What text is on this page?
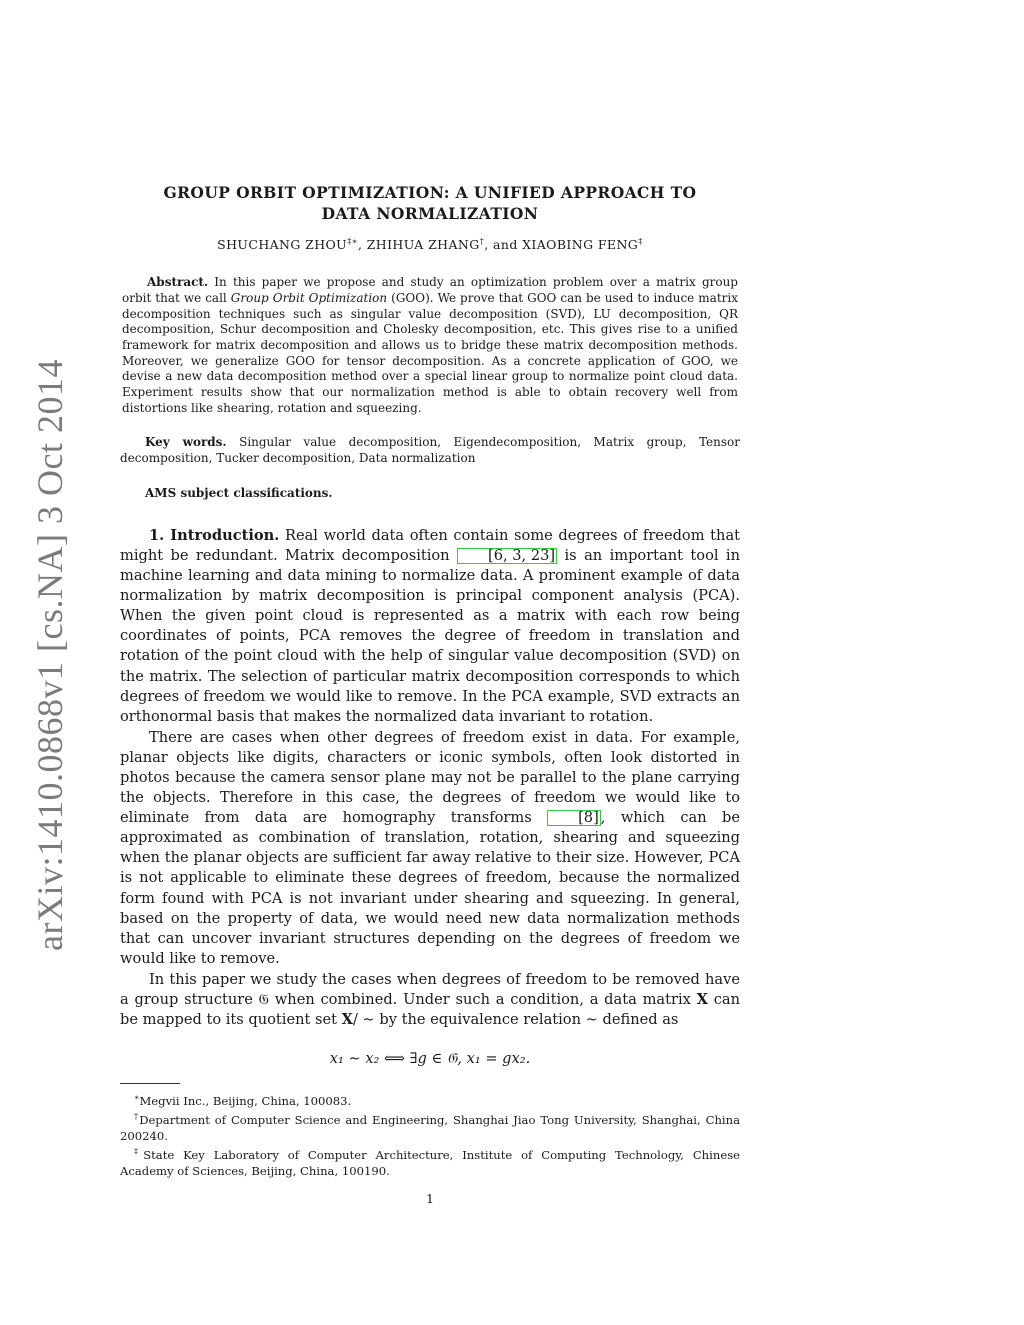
arXiv:1410.0868v1 [cs.NA] 3 Oct 2014
GROUP ORBIT OPTIMIZATION: A UNIFIED APPROACH TO
DATA NORMALIZATION
SHUCHANG ZHOU‡∗, ZHIHUA ZHANG†, and XIAOBING FENG‡
Abstract. In this paper we propose and study an optimization problem over a matrix group orbit that we call Group Orbit Optimization (GOO). We prove that GOO can be used to induce matrix decomposition techniques such as singular value decomposition (SVD), LU decomposition, QR decomposition, Schur decomposition and Cholesky decomposition, etc. This gives rise to a unified framework for matrix decomposition and allows us to bridge these matrix decomposition methods. Moreover, we generalize GOO for tensor decomposition. As a concrete application of GOO, we devise a new data decomposition method over a special linear group to normalize point cloud data. Experiment results show that our normalization method is able to obtain recovery well from distortions like shearing, rotation and squeezing.
Key words. Singular value decomposition, Eigendecomposition, Matrix group, Tensor decomposition, Tucker decomposition, Data normalization
AMS subject classifications.

1. Introduction. Real world data often contain some degrees of freedom that might be redundant. Matrix decomposition [6, 3, 23] is an important tool in machine learning and data mining to normalize data. A prominent example of data normalization by matrix decomposition is principal component analysis (PCA). When the given point cloud is represented as a matrix with each row being coordinates of points, PCA removes the degree of freedom in translation and rotation of the point cloud with the help of singular value decomposition (SVD) on the matrix. The selection of particular matrix decomposition corresponds to which degrees of freedom we would like to remove. In the PCA example, SVD extracts an orthonormal basis that makes the normalized data invariant to rotation.

There are cases when other degrees of freedom exist in data. For example, planar objects like digits, characters or iconic symbols, often look distorted in photos because the camera sensor plane may not be parallel to the plane carrying the objects. Therefore in this case, the degrees of freedom we would like to eliminate from data are homography transforms [8] , which can be approximated as combination of translation, rotation, shearing and squeezing when the planar objects are sufficient far away relative to their size. However, PCA is not applicable to eliminate these degrees of freedom, because the normalized form found with PCA is not invariant under shearing and squeezing. In general, based on the property of data, we would need new data normalization methods that can uncover invariant structures depending on the degrees of freedom we would like to remove.

In this paper we study the cases when degrees of freedom to be removed have a group structure 𝔊 when combined. Under such a condition, a data matrix X can be mapped to its quotient set X/ ∼ by the equivalence relation ∼ defined as

x₁ ∼ x₂ ⟺ ∃g ∈ 𝔊, x₁ = gx₂.

∗Megvii Inc., Beijing, China, 100083.

†Department of Computer Science and Engineering, Shanghai Jiao Tong University, Shanghai, China 200240.

‡State Key Laboratory of Computer Architecture, Institute of Computing Technology, Chinese Academy of Sciences, Beijing, China, 100190.

1
